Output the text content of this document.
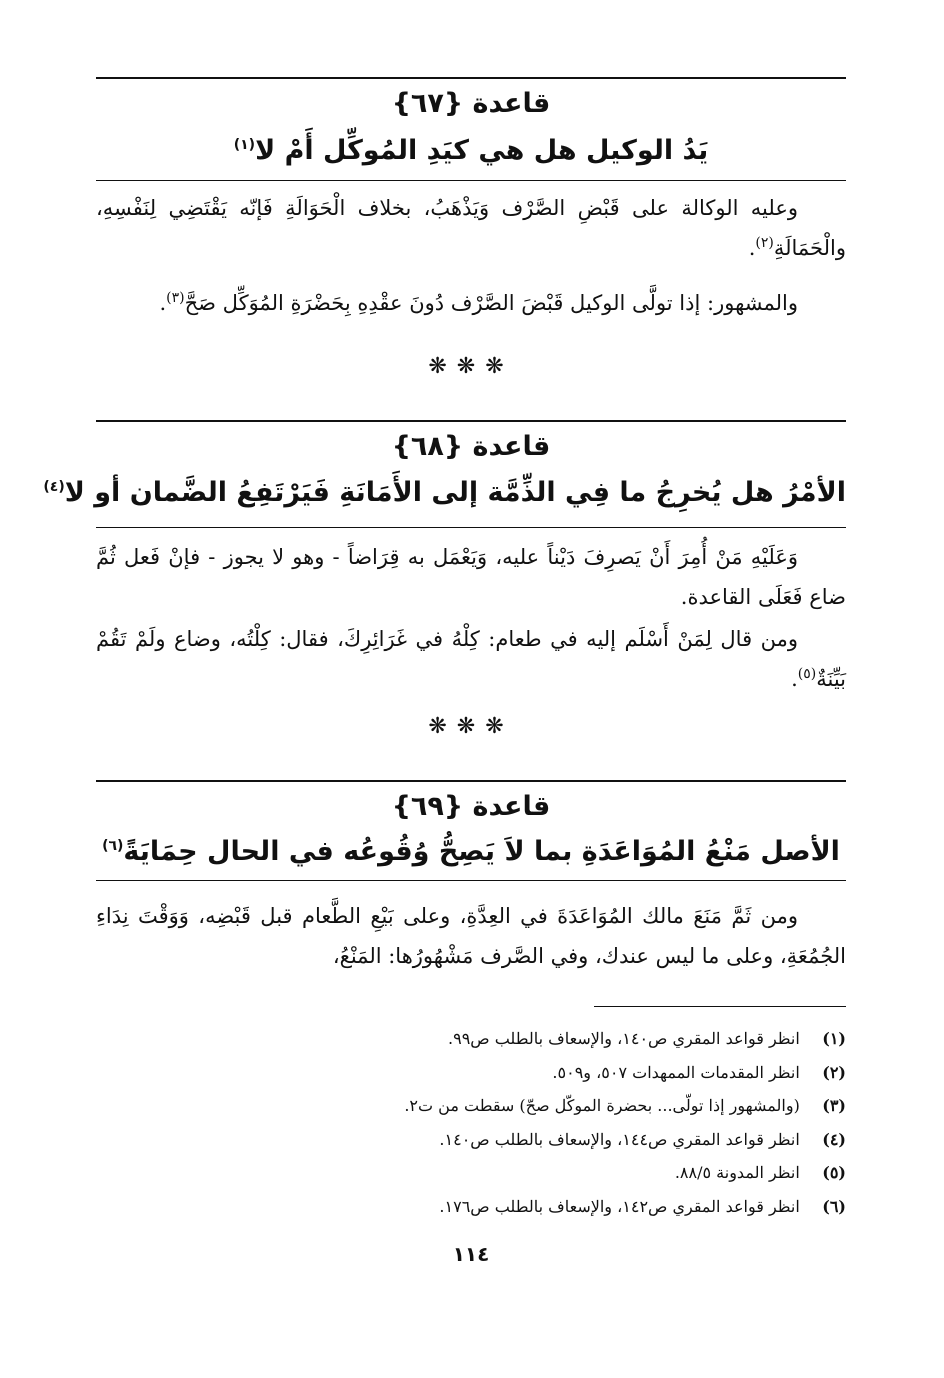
قاعدة {٦٧}
يَدُ الوكيل هل هي كيَدِ المُوكِّل أَمْ لا$^{(١)}$

وعليه الوكالة على قَبْضِ الصَّرْف وَيَذْهَبُ، بخلاف الْحَوَالَةِ فَإنّه يَقْتَضِي لِنَفْسِهِ، والْحَمَالَةِ$^{(٢)}$.

والمشهور: إذا تولَّى الوكيل قَبْضَ الصَّرْف دُونَ عقْدِهِ بِحَضْرَةِ المُوَكِّل صَحَّ$^{(٣)}$.

❋❋❋
قاعدة {٦٨}
الأمْرُ هل يُخرِجُ ما فِي الذِّمَّة إلى الأَمَانَةِ فَيَرْتَفِعُ الضَّمان أو لا$^{(٤)}$

وَعَلَيْهِ مَنْ أُمِرَ أَنْ يَصرِفَ دَيْناً عليه، وَيَعْمَل به قِرَاضاً - وهو لا يجوز - فإنْ فَعل ثُمَّ ضاع فَعَلَى القاعدة.

ومن قال لِمَنْ أَسْلَم إليه في طعام: كِلْهُ في غَرَائِرِكَ، فقال: كِلْتُه، وضاع ولَمْ تَقُمْ بَيِّنَةٌ$^{(٥)}$.

❋❋❋
قاعدة {٦٩}
الأصل مَنْعُ المُوَاعَدَةِ بما لاَ يَصِحُّ وُقُوعُه في الحال حِمَايَةً$^{(٦)}$

ومن ثَمَّ مَنَعَ مالك المُوَاعَدَةَ في العِدَّةِ، وعلى بَيْعِ الطَّعام قبل قَبْضِه، وَوَقْتَ نِدَاءِ الجُمُعَةِ، وعلى ما ليس عندك، وفي الصَّرف مَشْهُورُها: المَنْعُ،

(١)  انظر قواعد المقري ص١٤٠، والإسعاف بالطلب ص٩٩.
(٢)  انظر المقدمات الممهدات ٥٠٧، و٥٠٩.
(٣)  (والمشهور إذا تولّى... بحضرة الموكّل صحّ) سقطت من ت٢.
(٤)  انظر قواعد المقري ص١٤٤، والإسعاف بالطلب ص١٤٠.
(٥)  انظر المدونة ٨٨/٥.
(٦)  انظر قواعد المقري ص١٤٢، والإسعاف بالطلب ص١٧٦.
١١٤
